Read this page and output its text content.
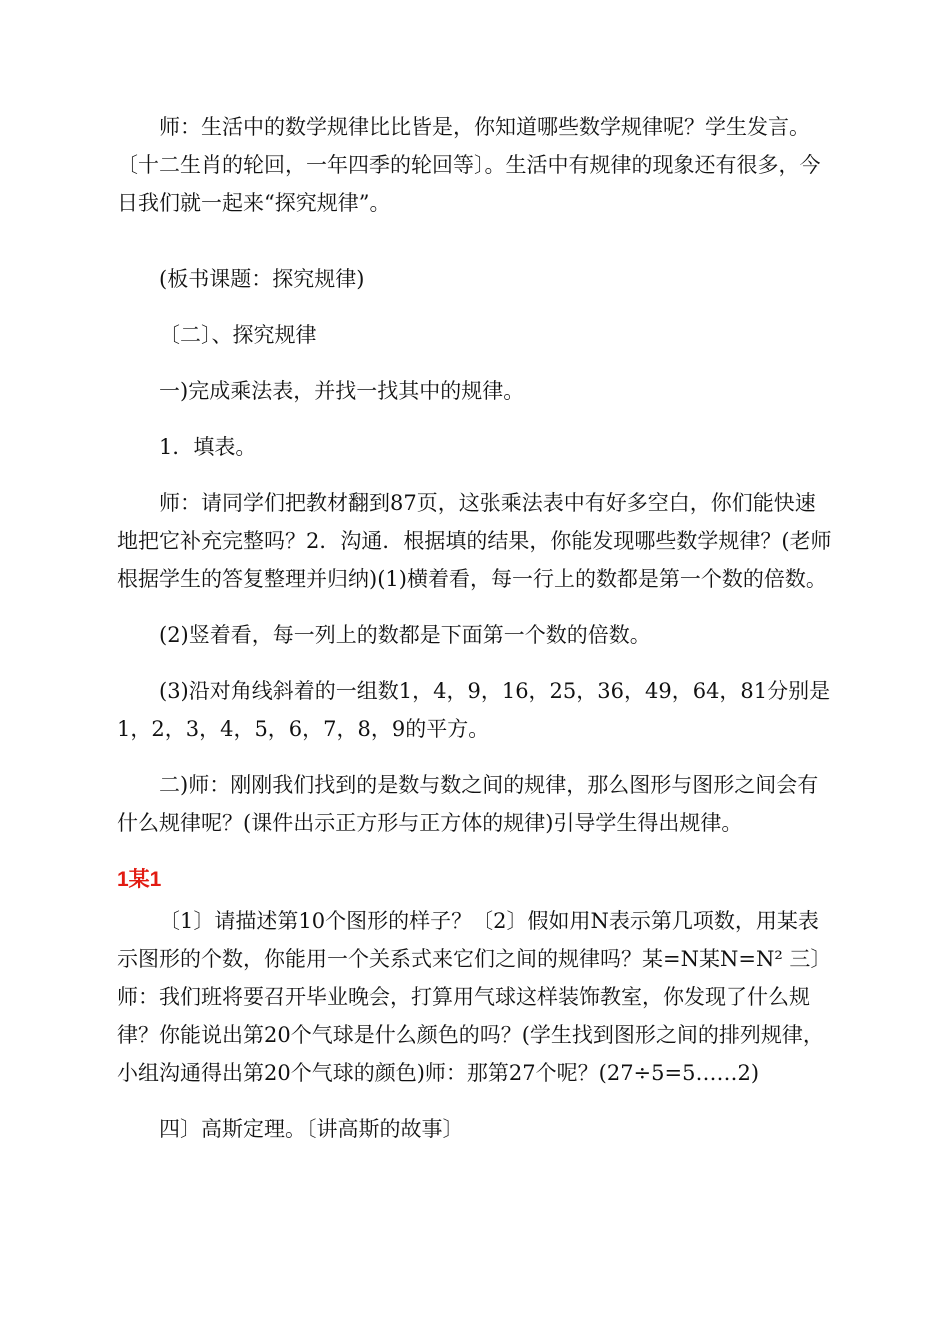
师：生活中的数学规律比比皆是，你知道哪些数学规律呢？学生发言。〔十二生肖的轮回，一年四季的轮回等〕。生活中有规律的现象还有很多，今日我们就一起来“探究规律”。

(板书课题：探究规律)

〔二〕、探究规律

一)完成乘法表，并找一找其中的规律。

1．填表。

师：请同学们把教材翻到87页，这张乘法表中有好多空白，你们能快速地把它补充完整吗？2．沟通．根据填的结果，你能发现哪些数学规律？(老师根据学生的答复整理并归纳)(1)横着看，每一行上的数都是第一个数的倍数。

(2)竖着看，每一列上的数都是下面第一个数的倍数。

(3)沿对角线斜着的一组数1，4，9，16，25，36，49，64，81分别是1，2，3，4，5，6，7，8，9的平方。

二)师：刚刚我们找到的是数与数之间的规律，那么图形与图形之间会有什么规律呢？(课件出示正方形与正方体的规律)引导学生得出规律。

1某1

〔1〕请描述第10个图形的样子？〔2〕假如用N表示第几项数，用某表示图形的个数，你能用一个关系式来它们之间的规律吗？某=N某N=N² 三〕师：我们班将要召开毕业晚会，打算用气球这样装饰教室，你发现了什么规律？你能说出第20个气球是什么颜色的吗？(学生找到图形之间的排列规律，小组沟通得出第20个气球的颜色)师：那第27个呢？(27÷5=5……2)

四〕高斯定理。〔讲高斯的故事〕
